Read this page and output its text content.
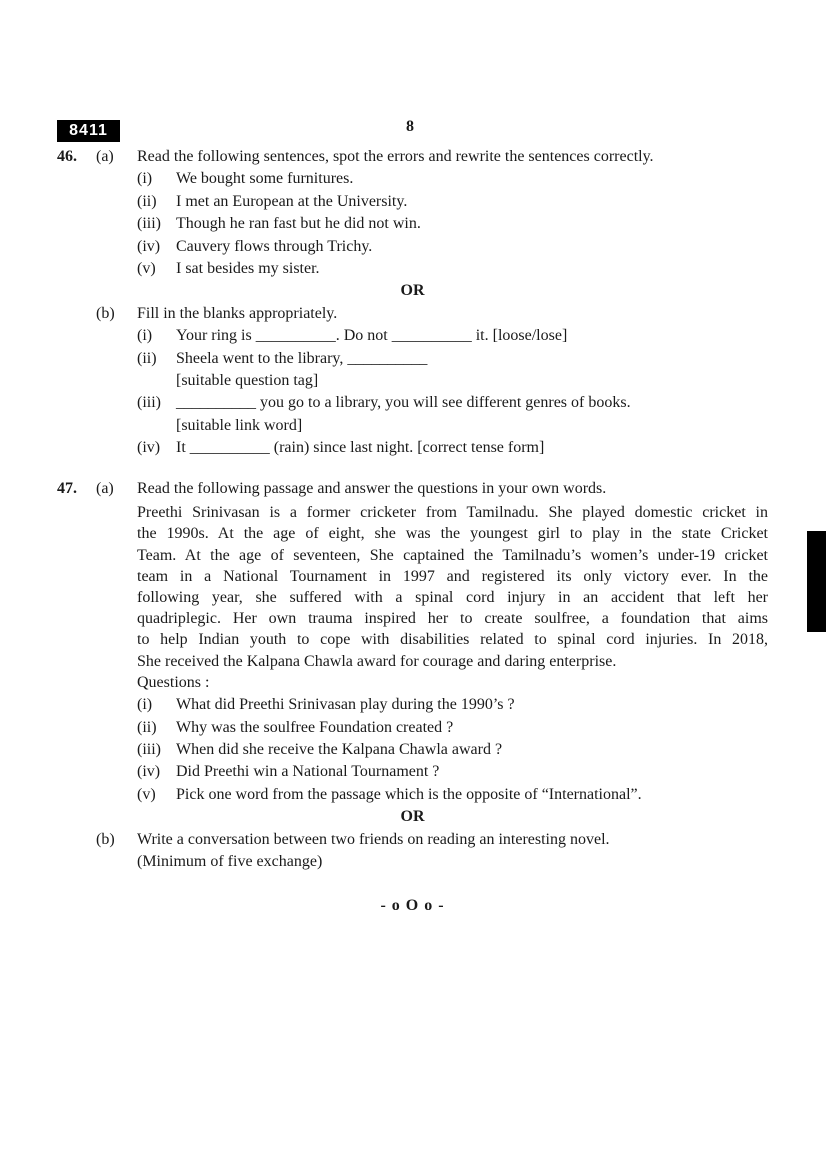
8411	8
46.	(a)	Read the following sentences, spot the errors and rewrite the sentences correctly.
(i)	We bought some furnitures.
(ii)	I met an European at the University.
(iii) Though he ran fast but he did not win.
(iv) Cauvery flows through Trichy.
(v)	I sat besides my sister.
OR
(b)	Fill in the blanks appropriately.
(i)	Your ring is __________. Do not __________ it. [loose/lose]
(ii)	Sheela went to the library, __________
[suitable question tag]
(iii) __________ you go to a library, you will see different genres of books.
[suitable link word]
(iv) It __________ (rain) since last night. [correct tense form]
47.	(a)	Read the following passage and answer the questions in your own words.
Preethi Srinivasan is a former cricketer from Tamilnadu. She played domestic cricket in
the 1990s. At the age of eight, she was the youngest girl to play in the state Cricket
Team. At the age of seventeen, She captained the Tamilnadu’s women’s under-19 cricket
team in a National Tournament in 1997 and registered its only victory ever. In the
following year, she suffered with a spinal cord injury in an accident that left her
quadriplegic. Her own trauma inspired her to create soulfree, a foundation that aims
to help Indian youth to cope with disabilities related to spinal cord injuries. In 2018,
She received the Kalpana Chawla award for courage and daring enterprise.
Questions :
(i)	What did Preethi Srinivasan play during the 1990’s ?
(ii)	Why was the soulfree Foundation created ?
(iii) When did she receive the Kalpana Chawla award ?
(iv) Did Preethi win a National Tournament ?
(v)	Pick one word from the passage which is the opposite of “International”.
OR
(b)	Write a conversation between two friends on reading an interesting novel.
(Minimum of five exchange)
- o O o -
